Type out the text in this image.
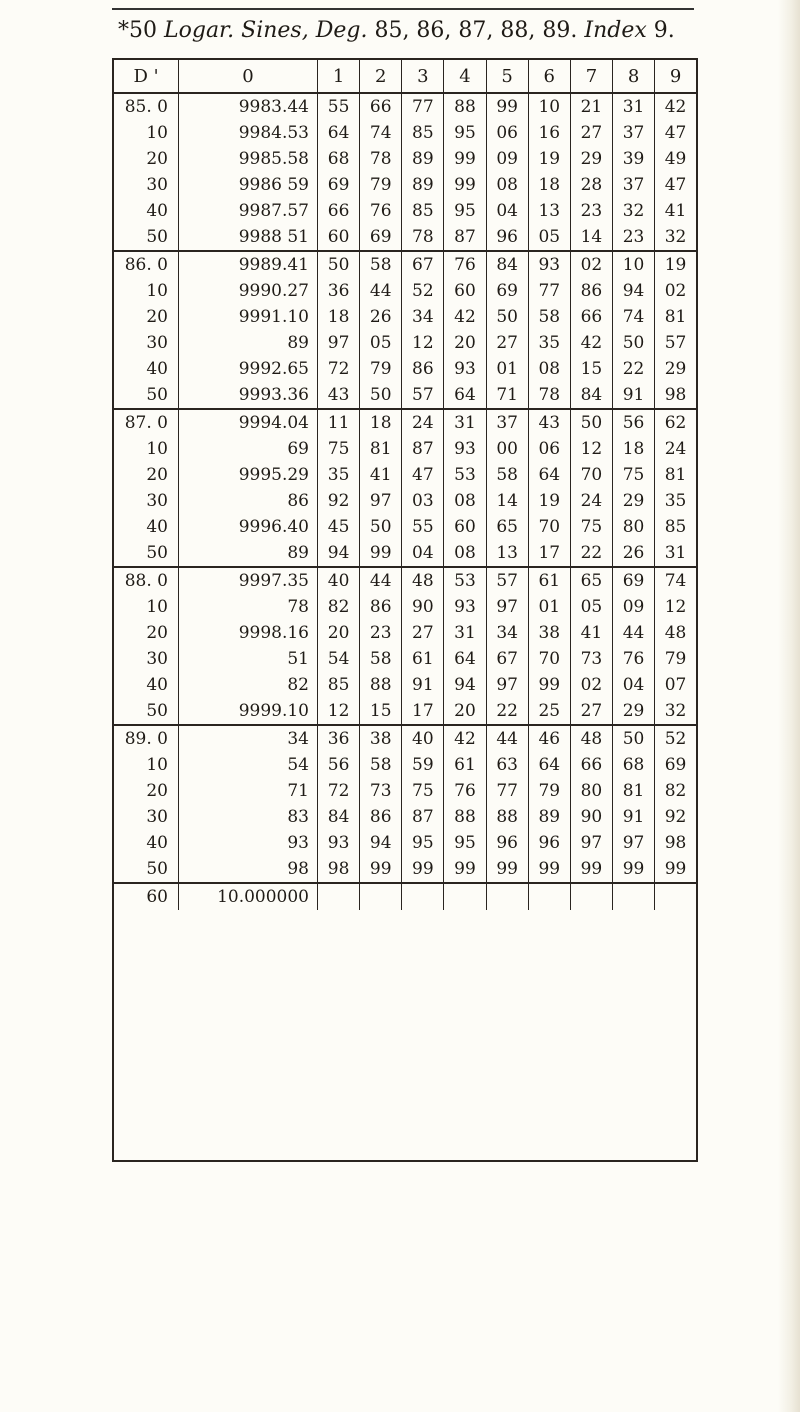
*50 Logar. Sines, Deg. 85, 86, 87, 88, 89. Index 9.
D '	0	1	2	3	4	5	6	7	8	9
85. 0	9983.44	55	66	77	88	99	10	21	31	42
10	9984.53	64	74	85	95	06	16	27	37	47
20	9985.58	68	78	89	99	09	19	29	39	49
30	9986 59	69	79	89	99	08	18	28	37	47
40	9987.57	66	76	85	95	04	13	23	32	41
50	9988 51	60	69	78	87	96	05	14	23	32
86. 0	9989.41	50	58	67	76	84	93	02	10	19
10	9990.27	36	44	52	60	69	77	86	94	02
20	9991.10	18	26	34	42	50	58	66	74	81
30	89	97	05	12	20	27	35	42	50	57
40	9992.65	72	79	86	93	01	08	15	22	29
50	9993.36	43	50	57	64	71	78	84	91	98
87. 0	9994.04	11	18	24	31	37	43	50	56	62
10	69	75	81	87	93	00	06	12	18	24
20	9995.29	35	41	47	53	58	64	70	75	81
30	86	92	97	03	08	14	19	24	29	35
40	9996.40	45	50	55	60	65	70	75	80	85
50	89	94	99	04	08	13	17	22	26	31
88. 0	9997.35	40	44	48	53	57	61	65	69	74
10	78	82	86	90	93	97	01	05	09	12
20	9998.16	20	23	27	31	34	38	41	44	48
30	51	54	58	61	64	67	70	73	76	79
40	82	85	88	91	94	97	99	02	04	07
50	9999.10	12	15	17	20	22	25	27	29	32
89. 0	34	36	38	40	42	44	46	48	50	52
10	54	56	58	59	61	63	64	66	68	69
20	71	72	73	75	76	77	79	80	81	82
30	83	84	86	87	88	88	89	90	91	92
40	93	93	94	95	95	96	96	97	97	98
50	98	98	99	99	99	99	99	99	99	99
60	10.000000									
